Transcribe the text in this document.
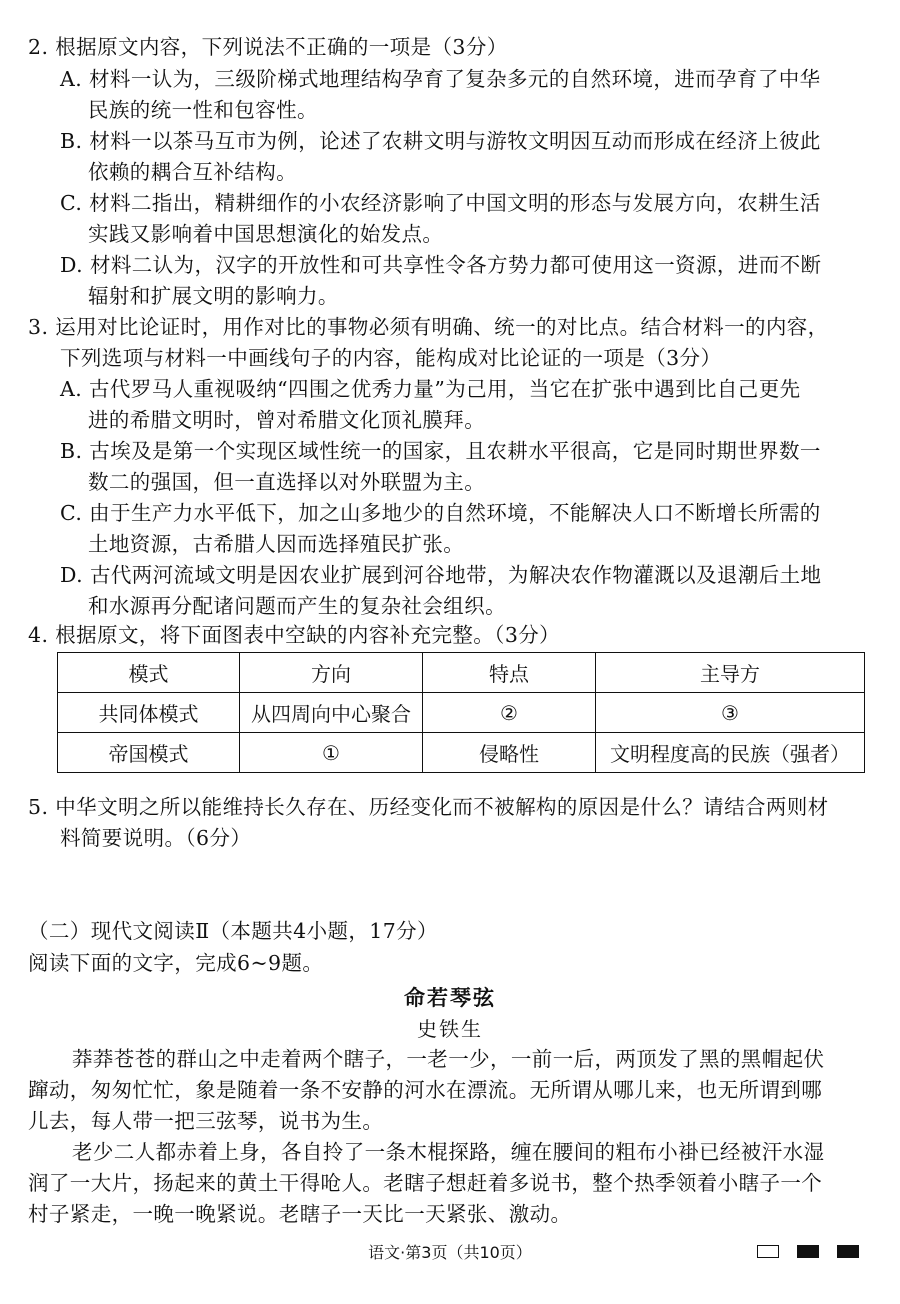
2. 根据原文内容，下列说法不正确的一项是（3分）
A. 材料一认为，三级阶梯式地理结构孕育了复杂多元的自然环境，进而孕育了中华
民族的统一性和包容性。
B. 材料一以茶马互市为例，论述了农耕文明与游牧文明因互动而形成在经济上彼此
依赖的耦合互补结构。
C. 材料二指出，精耕细作的小农经济影响了中国文明的形态与发展方向，农耕生活
实践又影响着中国思想演化的始发点。
D. 材料二认为，汉字的开放性和可共享性令各方势力都可使用这一资源，进而不断
辐射和扩展文明的影响力。
3. 运用对比论证时，用作对比的事物必须有明确、统一的对比点。结合材料一的内容，
下列选项与材料一中画线句子的内容，能构成对比论证的一项是（3分）
A. 古代罗马人重视吸纳“四围之优秀力量”为己用，当它在扩张中遇到比自己更先
进的希腊文明时，曾对希腊文化顶礼膜拜。
B. 古埃及是第一个实现区域性统一的国家，且农耕水平很高，它是同时期世界数一
数二的强国，但一直选择以对外联盟为主。
C. 由于生产力水平低下，加之山多地少的自然环境，不能解决人口不断增长所需的
土地资源，古希腊人因而选择殖民扩张。
D. 古代两河流域文明是因农业扩展到河谷地带，为解决农作物灌溉以及退潮后土地
和水源再分配诸问题而产生的复杂社会组织。
4. 根据原文，将下面图表中空缺的内容补充完整。（3分）
模式	方向	特点	主导方
共同体模式	从四周向中心聚合	②	③
帝国模式	①	侵略性	文明程度高的民族（强者）
5. 中华文明之所以能维持长久存在、历经变化而不被解构的原因是什么？请结合两则材
料简要说明。（6分）
（二）现代文阅读Ⅱ（本题共4小题，17分）
阅读下面的文字，完成6~9题。
命若琴弦
史铁生
莽莽苍苍的群山之中走着两个瞎子，一老一少，一前一后，两顶发了黑的黑帽起伏
蹿动，匆匆忙忙，象是随着一条不安静的河水在漂流。无所谓从哪儿来，也无所谓到哪
儿去，每人带一把三弦琴，说书为生。
老少二人都赤着上身，各自拎了一条木棍探路，缠在腰间的粗布小褂已经被汗水湿
润了一大片，扬起来的黄土干得呛人。老瞎子想赶着多说书，整个热季领着小瞎子一个
村子紧走，一晚一晚紧说。老瞎子一天比一天紧张、激动。
语文·第3页（共10页）
